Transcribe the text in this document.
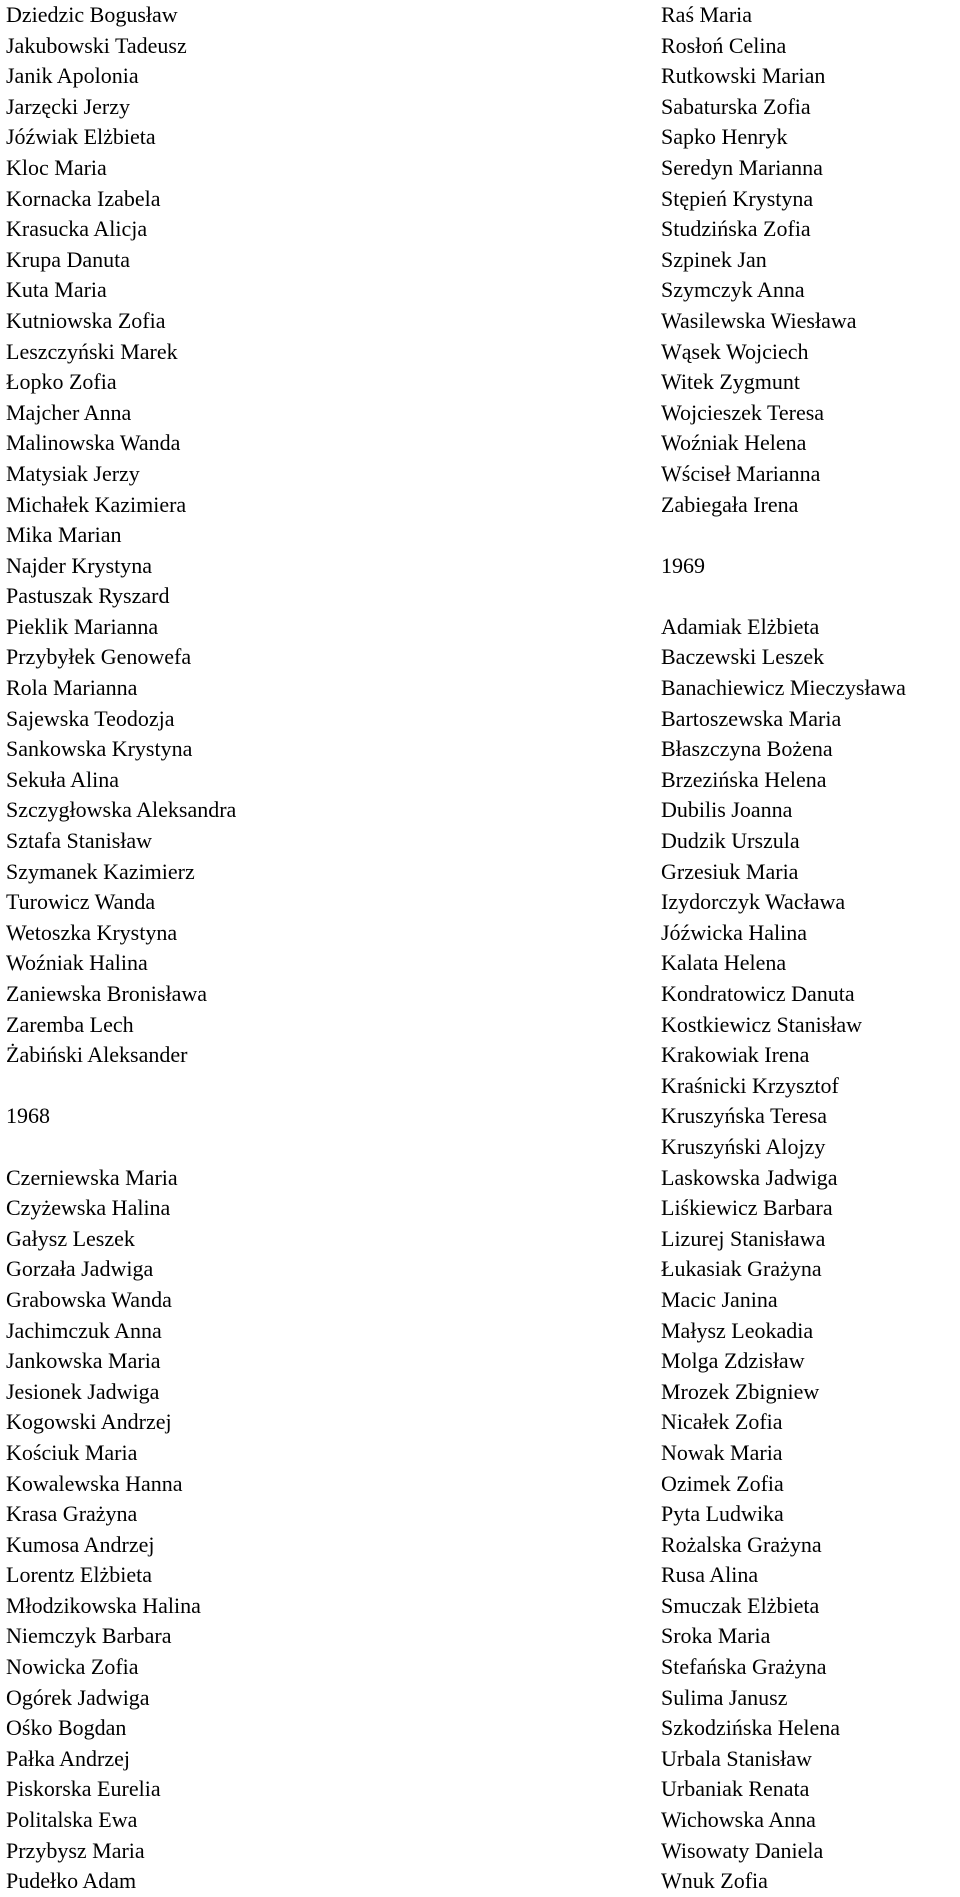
Dziedzic Bogusław
Jakubowski Tadeusz
Janik Apolonia
Jarzęcki Jerzy
Jóźwiak Elżbieta
Kloc Maria
Kornacka Izabela
Krasucka Alicja
Krupa Danuta
Kuta Maria
Kutniowska Zofia
Leszczyński Marek
Łopko Zofia
Majcher Anna
Malinowska Wanda
Matysiak Jerzy
Michałek Kazimiera
Mika Marian
Najder Krystyna
Pastuszak Ryszard
Pieklik Marianna
Przybyłek Genowefa
Rola Marianna
Sajewska Teodozja
Sankowska Krystyna
Sekuła Alina
Szczygłowska Aleksandra
Sztafa Stanisław
Szymanek Kazimierz
Turowicz Wanda
Wetoszka Krystyna
Woźniak Halina
Zaniewska Bronisława
Zaremba Lech
Żabiński Aleksander
1968
Czerniewska Maria
Czyżewska Halina
Gałysz Leszek
Gorzała Jadwiga
Grabowska Wanda
Jachimczuk Anna
Jankowska Maria
Jesionek Jadwiga
Kogowski Andrzej
Kościuk Maria
Kowalewska Hanna
Krasa Grażyna
Kumosa Andrzej
Lorentz Elżbieta
Młodzikowska Halina
Niemczyk Barbara
Nowicka Zofia
Ogórek Jadwiga
Ośko Bogdan
Pałka Andrzej
Piskorska Eurelia
Politalska Ewa
Przybysz Maria
Pudełko Adam
Raś Maria
Rosłoń Celina
Rutkowski Marian
Sabaturska Zofia
Sapko Henryk
Seredyn Marianna
Stępień Krystyna
Studzińska Zofia
Szpinek Jan
Szymczyk Anna
Wasilewska Wiesława
Wąsek Wojciech
Witek Zygmunt
Wojcieszek Teresa
Woźniak Helena
Wściseł Marianna
Zabiegała Irena
1969
Adamiak Elżbieta
Baczewski Leszek
Banachiewicz Mieczysława
Bartoszewska Maria
Błaszczyna Bożena
Brzezińska Helena
Dubilis Joanna
Dudzik Urszula
Grzesiuk Maria
Izydorczyk Wacława
Jóźwicka Halina
Kalata Helena
Kondratowicz Danuta
Kostkiewicz Stanisław
Krakowiak Irena
Kraśnicki Krzysztof
Kruszyńska Teresa
Kruszyński Alojzy
Laskowska Jadwiga
Liśkiewicz Barbara
Lizurej Stanisława
Łukasiak Grażyna
Macic Janina
Małysz Leokadia
Molga Zdzisław
Mrozek Zbigniew
Nicałek Zofia
Nowak Maria
Ozimek Zofia
Pyta Ludwika
Rożalska Grażyna
Rusa Alina
Smuczak Elżbieta
Sroka Maria
Stefańska Grażyna
Sulima Janusz
Szkodzińska Helena
Urbala Stanisław
Urbaniak Renata
Wichowska Anna
Wisowaty Daniela
Wnuk Zofia
